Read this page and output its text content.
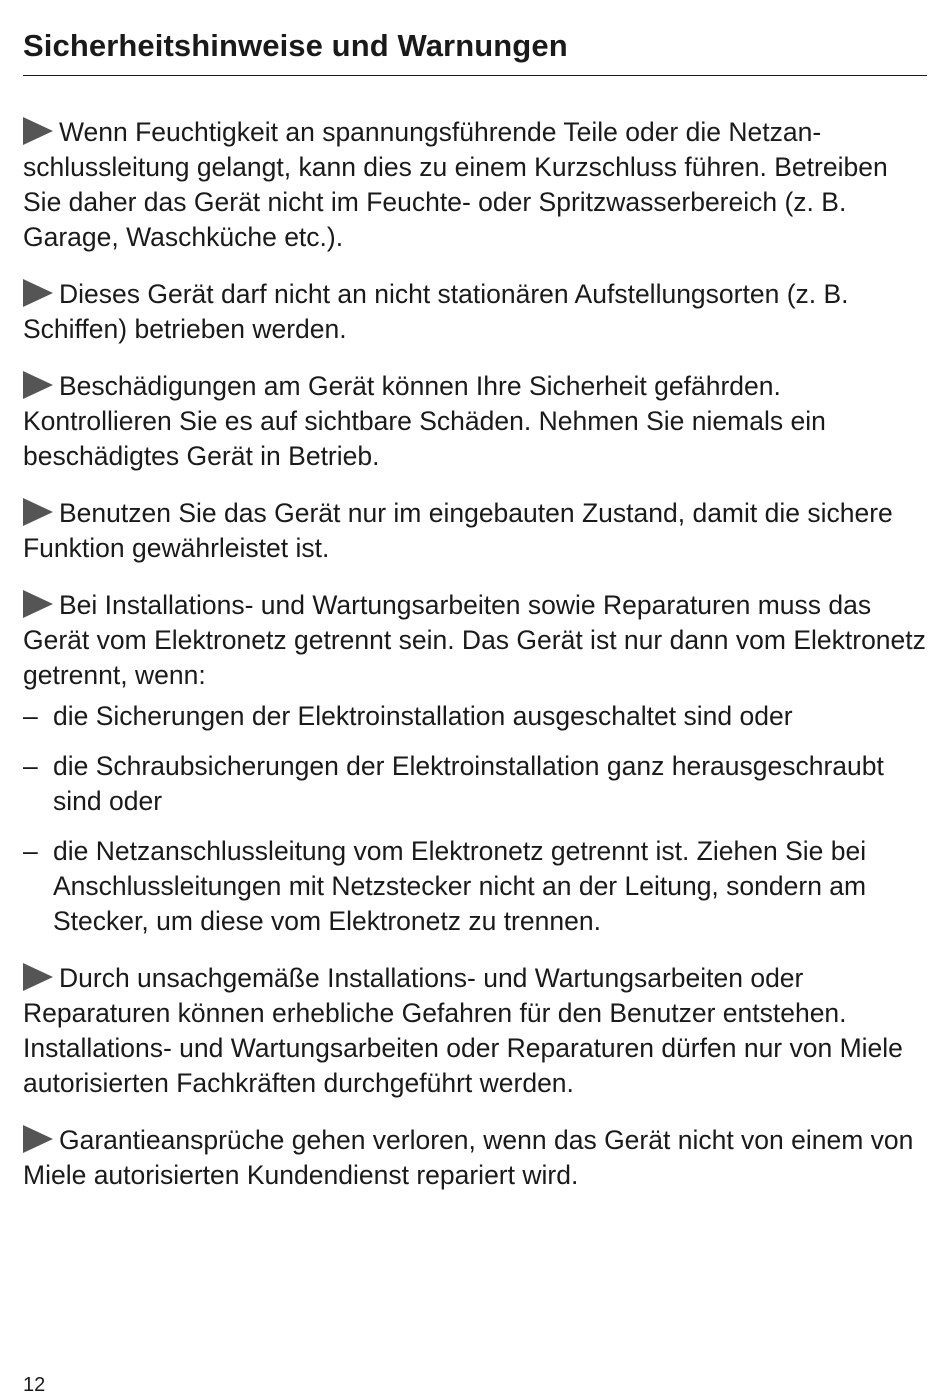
Sicherheitshinweise und Warnungen

Wenn Feuchtigkeit an spannungsführende Teile oder die Netzanschlussleitung gelangt, kann dies zu einem Kurzschluss führen. Betreiben Sie daher das Gerät nicht im Feuchte- oder Spritzwasserbereich (z. B. Garage, Waschküche etc.).

Dieses Gerät darf nicht an nicht stationären Aufstellungsorten (z. B. Schiffen) betrieben werden.

Beschädigungen am Gerät können Ihre Sicherheit gefährden. Kontrollieren Sie es auf sichtbare Schäden. Nehmen Sie niemals ein beschädigtes Gerät in Betrieb.

Benutzen Sie das Gerät nur im eingebauten Zustand, damit die sichere Funktion gewährleistet ist.

Bei Installations- und Wartungsarbeiten sowie Reparaturen muss das Gerät vom Elektronetz getrennt sein. Das Gerät ist nur dann vom Elektronetz getrennt, wenn:

– die Sicherungen der Elektroinstallation ausgeschaltet sind oder
– die Schraubsicherungen der Elektroinstallation ganz herausgeschraubt sind oder
– die Netzanschlussleitung vom Elektronetz getrennt ist. Ziehen Sie bei Anschlussleitungen mit Netzstecker nicht an der Leitung, sondern am Stecker, um diese vom Elektronetz zu trennen.

Durch unsachgemäße Installations- und Wartungsarbeiten oder Reparaturen können erhebliche Gefahren für den Benutzer entstehen. Installations- und Wartungsarbeiten oder Reparaturen dürfen nur von Miele autorisierten Fachkräften durchgeführt werden.

Garantieansprüche gehen verloren, wenn das Gerät nicht von einem von Miele autorisierten Kundendienst repariert wird.

12
